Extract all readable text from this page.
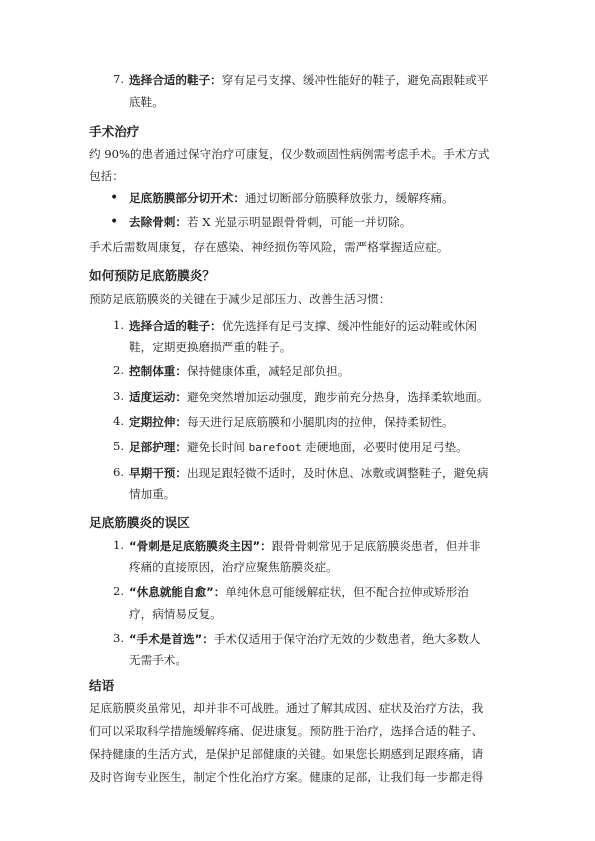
7. 选择合适的鞋子：穿有足弓支撑、缓冲性能好的鞋子，避免高跟鞋或平
底鞋。
手术治疗
约 90%的患者通过保守治疗可康复，仅少数顽固性病例需考虑手术。手术方式
包括：
• 足底筋膜部分切开术：通过切断部分筋膜释放张力，缓解疼痛。
• 去除骨刺：若 X 光显示明显跟骨骨刺，可能一并切除。
手术后需数周康复，存在感染、神经损伤等风险，需严格掌握适应症。
如何预防足底筋膜炎？
预防足底筋膜炎的关键在于减少足部压力、改善生活习惯：
1. 选择合适的鞋子：优先选择有足弓支撑、缓冲性能好的运动鞋或休闲
鞋，定期更换磨损严重的鞋子。
2. 控制体重：保持健康体重，减轻足部负担。
3. 适度运动：避免突然增加运动强度，跑步前充分热身，选择柔软地面。
4. 定期拉伸：每天进行足底筋膜和小腿肌肉的拉伸，保持柔韧性。
5. 足部护理：避免长时间 barefoot 走硬地面，必要时使用足弓垫。
6. 早期干预：出现足跟轻微不适时，及时休息、冰敷或调整鞋子，避免病
情加重。
足底筋膜炎的误区
1. “骨刺是足底筋膜炎主因”：跟骨骨刺常见于足底筋膜炎患者，但并非
疼痛的直接原因，治疗应聚焦筋膜炎症。
2. “休息就能自愈”：单纯休息可能缓解症状，但不配合拉伸或矫形治
疗，病情易反复。
3. “手术是首选”：手术仅适用于保守治疗无效的少数患者，绝大多数人
无需手术。
结语
足底筋膜炎虽常见，却并非不可战胜。通过了解其成因、症状及治疗方法，我
们可以采取科学措施缓解疼痛、促进康复。预防胜于治疗，选择合适的鞋子、
保持健康的生活方式，是保护足部健康的关键。如果您长期感到足跟疼痛，请
及时咨询专业医生，制定个性化治疗方案。健康的足部，让我们每一步都走得
